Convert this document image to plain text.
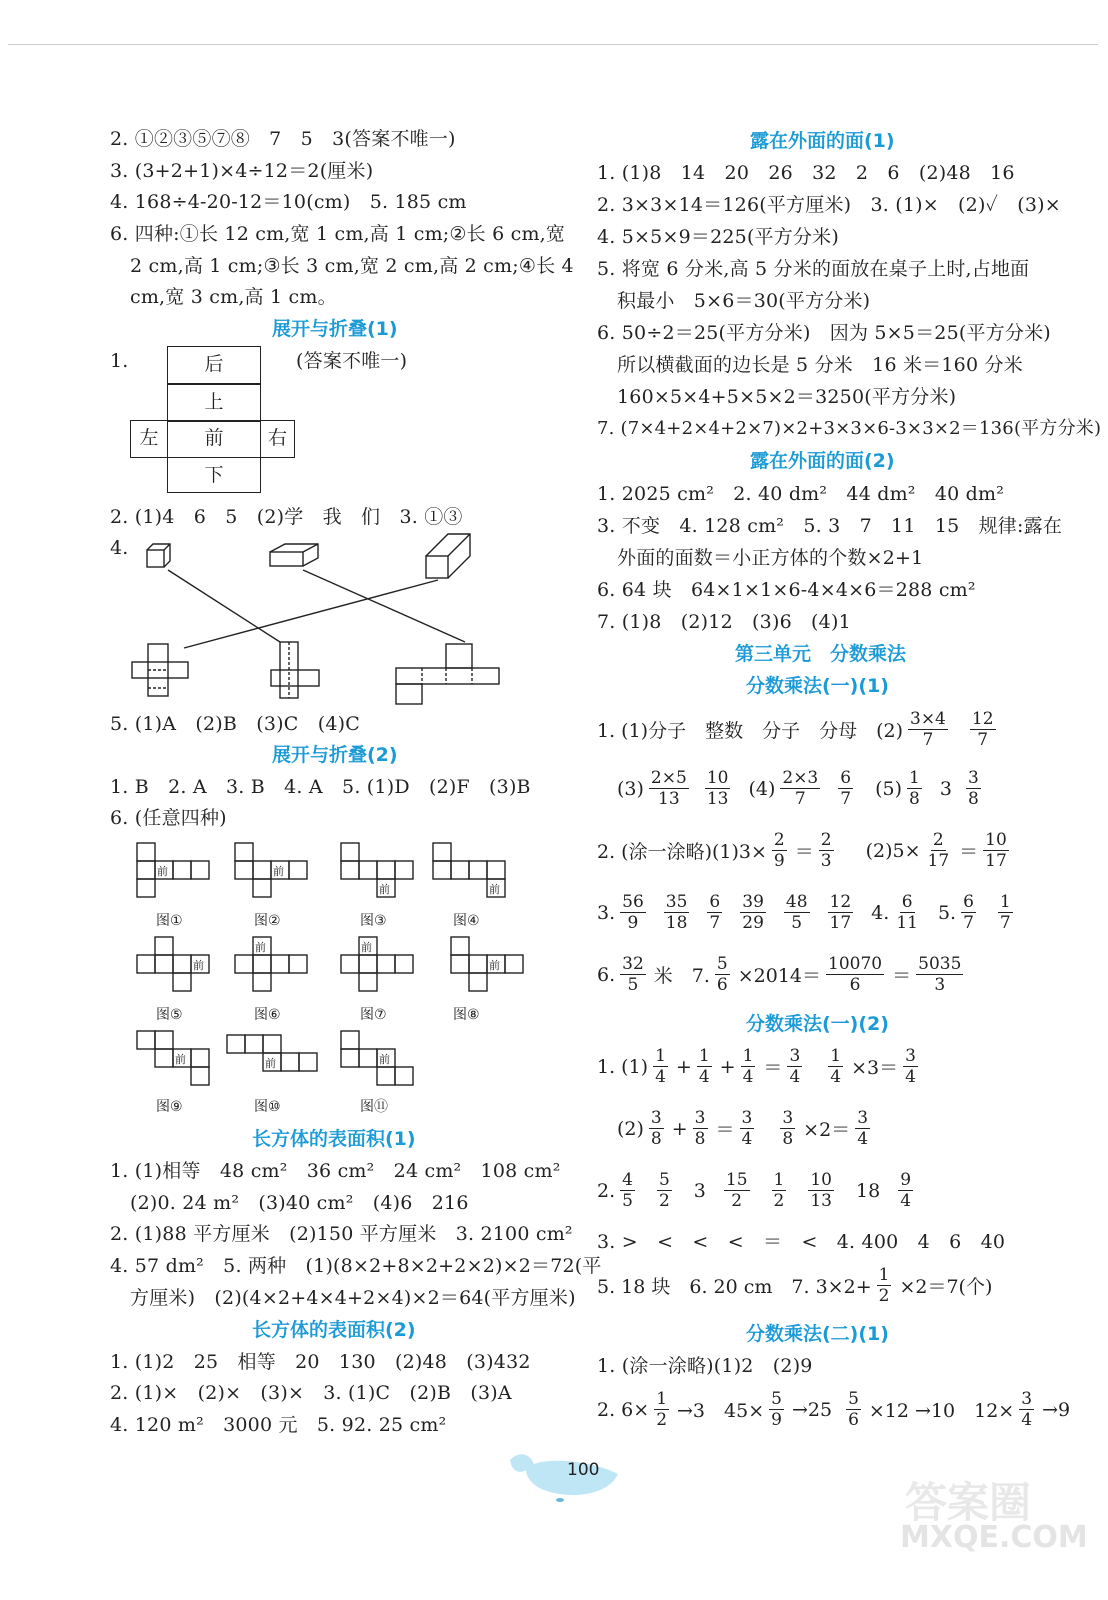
2. ①②③⑤⑦⑧　7　5　3(答案不唯一)
3. (3+2+1)×4÷12＝2(厘米)
4. 168÷4-20-12＝10(cm)　5. 185 cm
6. 四种:①长 12 cm,宽 1 cm,高 1 cm;②长 6 cm,宽
2 cm,高 1 cm;③长 3 cm,宽 2 cm,高 2 cm;④长 4
cm,宽 3 cm,高 1 cm。
展开与折叠(1)
1.	(答案不唯一)
后
上
左	前	右
下
2. (1)4　6　5　(2)学　我　们　3. ①③
4.
5. (1)A　(2)B　(3)C　(4)C
展开与折叠(2)
1. B　2. A　3. B　4. A　5. (1)D　(2)F　(3)B
6. (任意四种)
前	前
前	前
前
前	前
前
前	前	前
图①	图②	图③	图④
图⑤	图⑥	图⑦	图⑧
图⑨	图⑩	图⑪
长方体的表面积(1)
1. (1)相等　48 cm²　36 cm²　24 cm²　108 cm²
(2)0. 24 m²　(3)40 cm²　(4)6　216
2. (1)88 平方厘米　(2)150 平方厘米　3. 2100 cm²
4. 57 dm²　5. 两种　(1)(8×2+8×2+2×2)×2＝72(平
方厘米)　(2)(4×2+4×4+2×4)×2＝64(平方厘米)
长方体的表面积(2)
1. (1)2　25　相等　20　130　(2)48　(3)432
2. (1)×　(2)×　(3)×　3. (1)C　(2)B　(3)A
4. 120 m²　3000 元　5. 92. 25 cm²
露在外面的面(1)
1. (1)8　14　20　26　32　2　6　(2)48　16
2. 3×3×14＝126(平方厘米)　3. (1)×　(2)✓　(3)×
4. 5×5×9＝225(平方分米)
5. 将宽 6 分米,高 5 分米的面放在桌子上时,占地面
积最小　5×6＝30(平方分米)
6. 50÷2＝25(平方分米)　因为 5×5＝25(平方分米)
所以横截面的边长是 5 分米　16 米＝160 分米
160×5×4+5×5×2＝3250(平方分米)
7. (7×4+2×4+2×7)×2+3×3×6-3×3×2＝136(平方分米)
露在外面的面(2)
1. 2025 cm²　2. 40 dm²　44 dm²　40 dm²
3. 不变　4. 128 cm²　5. 3　7　11　15　规律:露在
外面的面数＝小正方体的个数×2+1
6. 64 块　64×1×1×6-4×4×6＝288 cm²
7. (1)8　(2)12　(3)6　(4)1
第三单元　分数乘法
分数乘法(一)(1)
1. (1)分子　整数　分子　分母　$(2) \frac{3\times 4}{7} \frac{12}{7}$
$(3) \frac{2\times 5}{13} \frac{10}{13} (4) \frac{2\times 3}{7} \frac{6}{7} (5) \frac{1}{8} 3 \frac{3}{8}$
2. (涂一涂略)$(1)3\times \frac{2}{9} = \frac{2}{3} (2)5\times \frac{2}{17} = \frac{10}{17}$
3. $\frac{56}{9} \frac{35}{18} \frac{6}{7} \frac{39}{29} \frac{48}{5} \frac{12}{17} 4$. $\frac{6}{11} 5$. $\frac{6}{7} \frac{1}{7}$
6. $\frac{32}{5}$ 米　7. $\frac{5}{6} \times 2014= \frac{10070}{6} = \frac{5035}{3}$
分数乘法(一)(2)
1. $(1) \frac{1}{4} + \frac{1}{4} + \frac{1}{4} = \frac{3}{4} \frac{1}{4} \times 3= \frac{3}{4}$
$(2) \frac{3}{8} + \frac{3}{8} = \frac{3}{4} \frac{3}{8} \times 2= \frac{3}{4}$
2. $\frac{4}{5} \frac{5}{2} 3 \frac{15}{2} \frac{1}{2} \frac{10}{13} 18 \frac{9}{4}$
3. >　<　<　<　＝　<　4. 400　4　6　40
5. 18 块　6. 20 cm　7. $3\times 2+ \frac{1}{2} \times 2=7$(个)
分数乘法(二)(1)
1. (涂一涂略)(1)2　(2)9
2. $6\times \frac{1}{2} \to 3$　$45\times \frac{5}{9} \to 25 \frac{5}{6} \times 12 \to 10$　$12\times \frac{3}{4} \to 9$
100
答案圈
MXQE.COM
